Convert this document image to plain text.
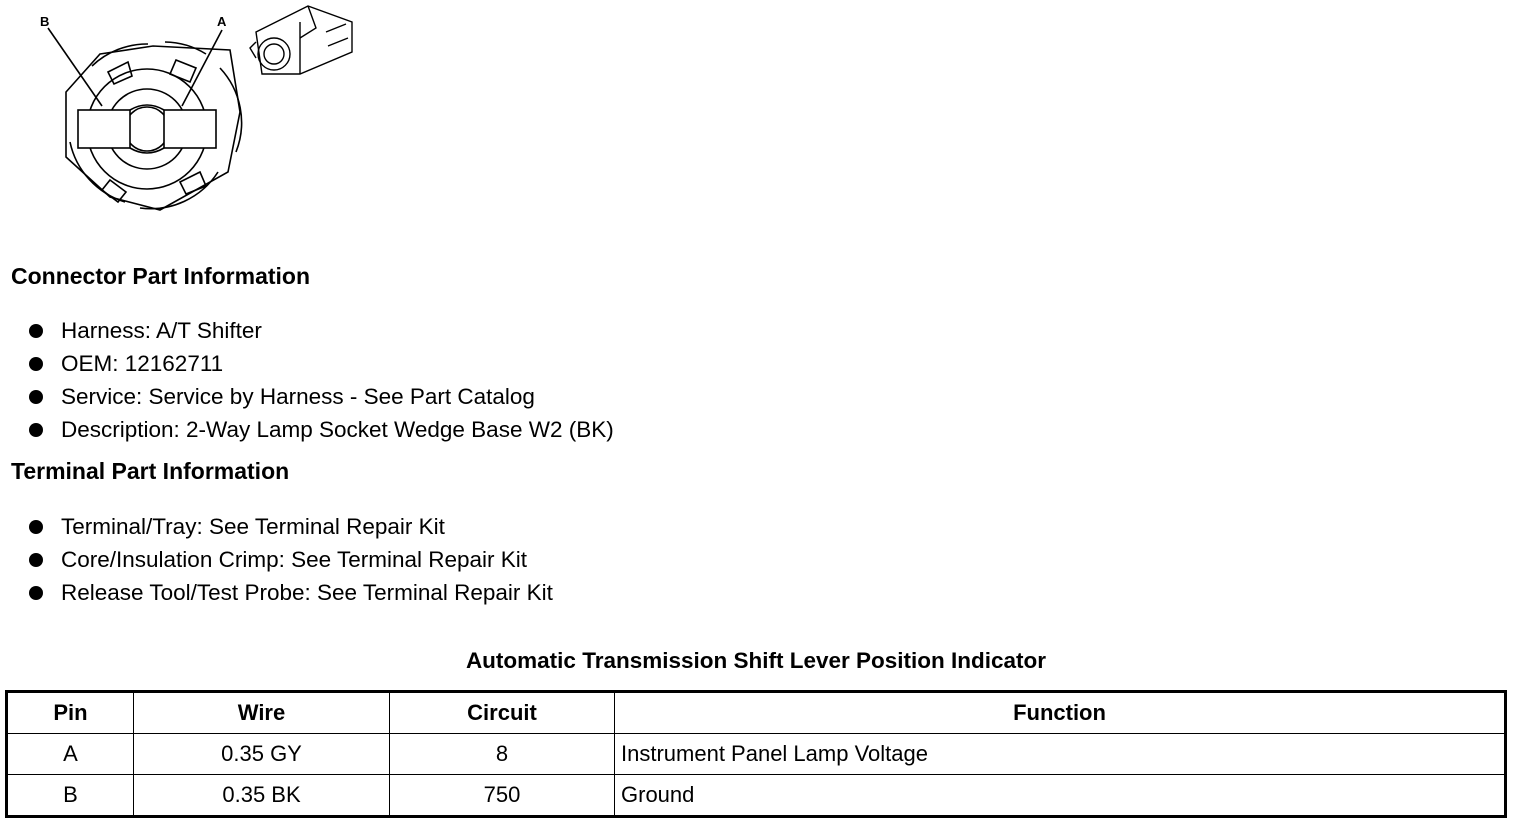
B	A
Connector Part Information
Harness: A/T Shifter
OEM: 12162711
Service: Service by Harness - See Part Catalog
Description: 2-Way Lamp Socket Wedge Base W2 (BK)
Terminal Part Information
Terminal/Tray: See Terminal Repair Kit
Core/Insulation Crimp: See Terminal Repair Kit
Release Tool/Test Probe: See Terminal Repair Kit
Automatic Transmission Shift Lever Position Indicator
Pin	Wire	Circuit	Function
A	0.35 GY	8	Instrument Panel Lamp Voltage
B	0.35 BK	750	Ground
